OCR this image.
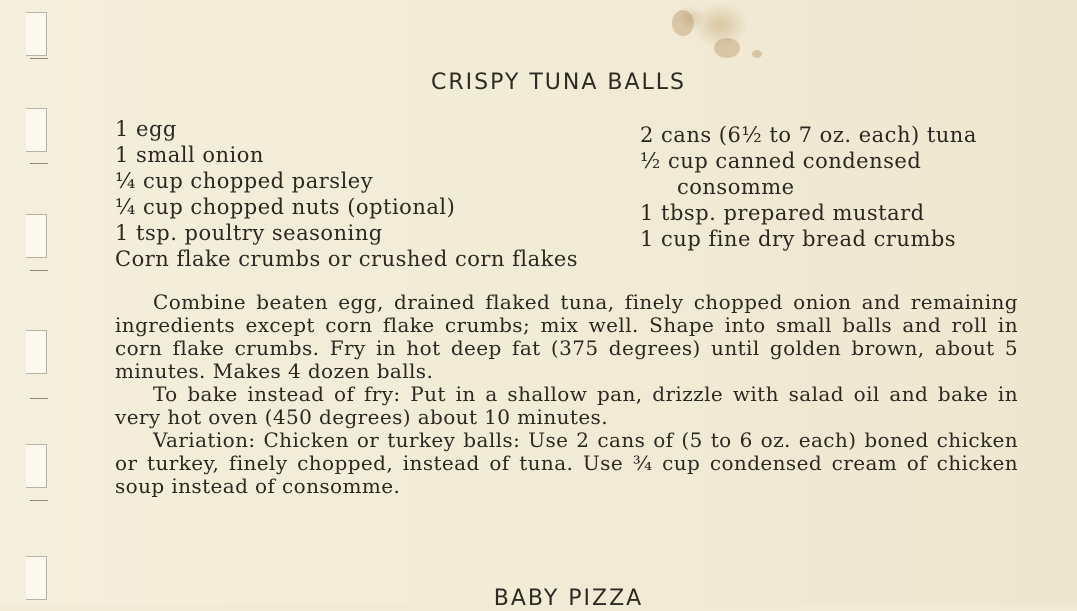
CRISPY TUNA BALLS
1 egg
1 small onion
¼ cup chopped parsley
¼ cup chopped nuts (optional)
1 tsp. poultry seasoning
Corn flake crumbs or crushed corn flakes
2 cans (6½ to 7 oz. each) tuna
½ cup canned condensed
consomme
1 tbsp. prepared mustard
1 cup fine dry bread crumbs

Combine beaten egg, drained flaked tuna, finely chopped onion and remaining ingredients except corn flake crumbs; mix well. Shape into small balls and roll in corn flake crumbs. Fry in hot deep fat (375 degrees) until golden brown, about 5 minutes. Makes 4 dozen balls.

To bake instead of fry: Put in a shallow pan, drizzle with salad oil and bake in very hot oven (450 degrees) about 10 minutes.

Variation: Chicken or turkey balls: Use 2 cans of (5 to 6 oz. each) boned chicken or turkey, finely chopped, instead of tuna. Use ¾ cup condensed cream of chicken soup instead of consomme.

BABY PIZZA
